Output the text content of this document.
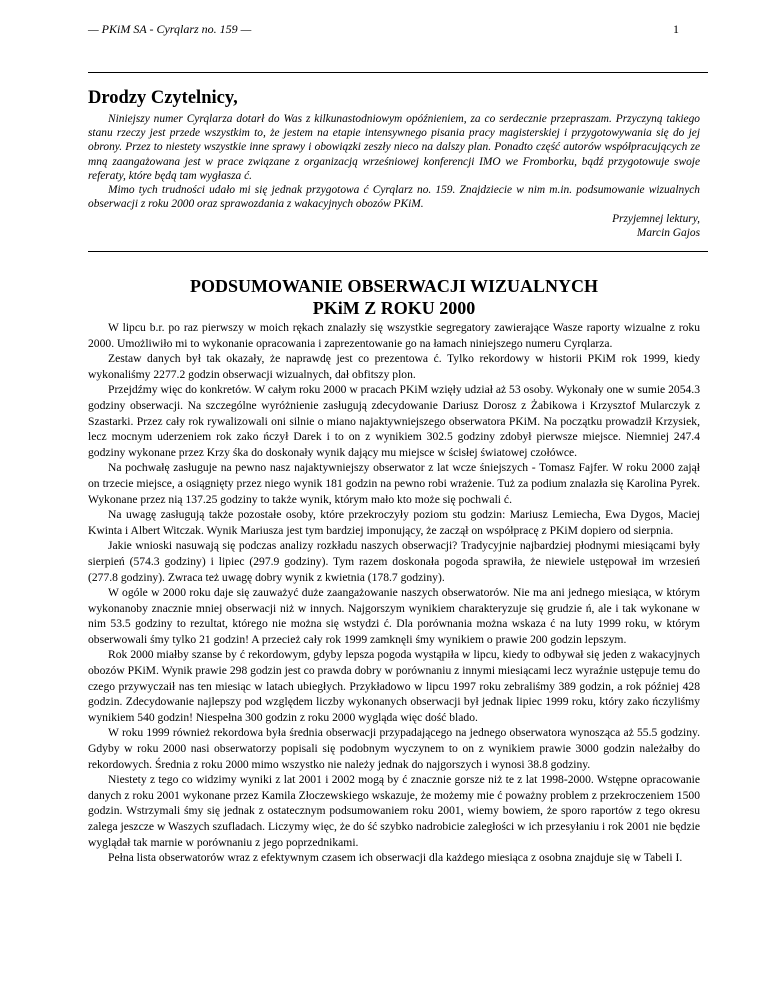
— PKiM SA - Cyrqlarz no. 159 —	1
Drodzy Czytelnicy,

Niniejszy numer Cyrqlarza dotarł do Was z kilkunastodniowym opóźnieniem, za co serdecznie przepraszam. Przyczyną takiego stanu rzeczy jest przede wszystkim to, że jestem na etapie intensywnego pisania pracy magisterskiej i przygotowywania się do jej obrony. Przez to niestety wszystkie inne sprawy i obowiązki zeszły nieco na dalszy plan. Ponadto część autorów współpracujących ze mną zaangażowana jest w prace związane z organizacją wrześniowej konferencji IMO we Fromborku, bądź przygotowuje swoje referaty, które będą tam wygłasza ć.

Mimo tych trudności udało mi się jednak przygotowa ć Cyrqlarz no. 159. Znajdziecie w nim m.in. podsumowanie wizualnych obserwacji z roku 2000 oraz sprawozdania z wakacyjnych obozów PKiM.

Przyjemnej lektury,
Marcin Gajos
PODSUMOWANIE OBSERWACJI WIZUALNYCH
PKiM Z ROKU 2000

W lipcu b.r. po raz pierwszy w moich rękach znalazły się wszystkie segregatory zawierające Wasze raporty wizualne z roku 2000. Umożliwiło mi to wykonanie opracowania i zaprezentowanie go na łamach niniejszego numeru Cyrqlarza.

Zestaw danych był tak okazały, że naprawdę jest co prezentowa ć. Tylko rekordowy w historii PKiM rok 1999, kiedy wykonaliśmy 2277.2 godzin obserwacji wizualnych, dał obfitszy plon.

Przejdźmy więc do konkretów. W całym roku 2000 w pracach PKiM wzięły udział aż 53 osoby. Wykonały one w sumie 2054.3 godziny obserwacji. Na szczególne wyróżnienie zasługują zdecydowanie Dariusz Dorosz z Żabikowa i Krzysztof Mularczyk z Szastarki. Przez cały rok rywalizowali oni silnie o miano najaktywniejszego obserwatora PKiM. Na początku prowadził Krzysiek, lecz mocnym uderzeniem rok zako ńczył Darek i to on z wynikiem 302.5 godziny zdobył pierwsze miejsce. Niemniej 247.4 godziny wykonane przez Krzy śka do doskonały wynik dający mu miejsce w ścisłej światowej czołówce.

Na pochwałę zasługuje na pewno nasz najaktywniejszy obserwator z lat wcze śniejszych - Tomasz Fajfer. W roku 2000 zajął on trzecie miejsce, a osiągnięty przez niego wynik 181 godzin na pewno robi wrażenie. Tuż za podium znalazła się Karolina Pyrek. Wykonane przez nią 137.25 godziny to także wynik, którym mało kto może się pochwali ć.

Na uwagę zasługują także pozostałe osoby, które przekroczyły poziom stu godzin: Mariusz Lemiecha, Ewa Dygos, Maciej Kwinta i Albert Witczak. Wynik Mariusza jest tym bardziej imponujący, że zaczął on współpracę z PKiM dopiero od sierpnia.

Jakie wnioski nasuwają się podczas analizy rozkładu naszych obserwacji? Tradycyjnie najbardziej płodnymi miesiącami były sierpień (574.3 godziny) i lipiec (297.9 godziny). Tym razem doskonała pogoda sprawiła, że niewiele ustępował im wrzesień (277.8 godziny). Zwraca też uwagę dobry wynik z kwietnia (178.7 godziny).

W ogóle w 2000 roku daje się zauważyć duże zaangażowanie naszych obserwatorów. Nie ma ani jednego miesiąca, w którym wykonanoby znacznie mniej obserwacji niż w innych. Najgorszym wynikiem charakteryzuje się grudzie ń, ale i tak wykonane w nim 53.5 godziny to rezultat, którego nie można się wstydzi ć. Dla porównania można wskaza ć na luty 1999 roku, w którym obserwowali śmy tylko 21 godzin! A przecież cały rok 1999 zamknęli śmy wynikiem o prawie 200 godzin lepszym.

Rok 2000 miałby szanse by ć rekordowym, gdyby lepsza pogoda wystąpiła w lipcu, kiedy to odbywał się jeden z wakacyjnych obozów PKiM. Wynik prawie 298 godzin jest co prawda dobry w porównaniu z innymi miesiącami lecz wyraźnie ustępuje temu do czego przywyczaił nas ten miesiąc w latach ubiegłych. Przykładowo w lipcu 1997 roku zebraliśmy 389 godzin, a rok później 428 godzin. Zdecydowanie najlepszy pod względem liczby wykonanych obserwacji był jednak lipiec 1999 roku, który zako ńczyliśmy wynikiem 540 godzin! Niespełna 300 godzin z roku 2000 wygląda więc dość blado.

W roku 1999 również rekordowa była średnia obserwacji przypadającego na jednego obserwatora wynosząca aż 55.5 godziny. Gdyby w roku 2000 nasi obserwatorzy popisali się podobnym wyczynem to on z wynikiem prawie 3000 godzin należałby do rekordowych. Średnia z roku 2000 mimo wszystko nie należy jednak do najgorszych i wynosi 38.8 godziny.

Niestety z tego co widzimy wyniki z lat 2001 i 2002 mogą by ć znacznie gorsze niż te z lat 1998-2000. Wstępne opracowanie danych z roku 2001 wykonane przez Kamila Złoczewskiego wskazuje, że możemy mie ć poważny problem z przekroczeniem 1500 godzin. Wstrzymali śmy się jednak z ostatecznym podsumowaniem roku 2001, wiemy bowiem, że sporo raportów z tego okresu zalega jeszcze w Waszych szufladach. Liczymy więc, że do ść szybko nadrobicie zaległości w ich przesyłaniu i rok 2001 nie będzie wyglądał tak marnie w porównaniu z jego poprzednikami.

Pełna lista obserwatorów wraz z efektywnym czasem ich obserwacji dla każdego miesiąca z osobna znajduje się w Tabeli I.
